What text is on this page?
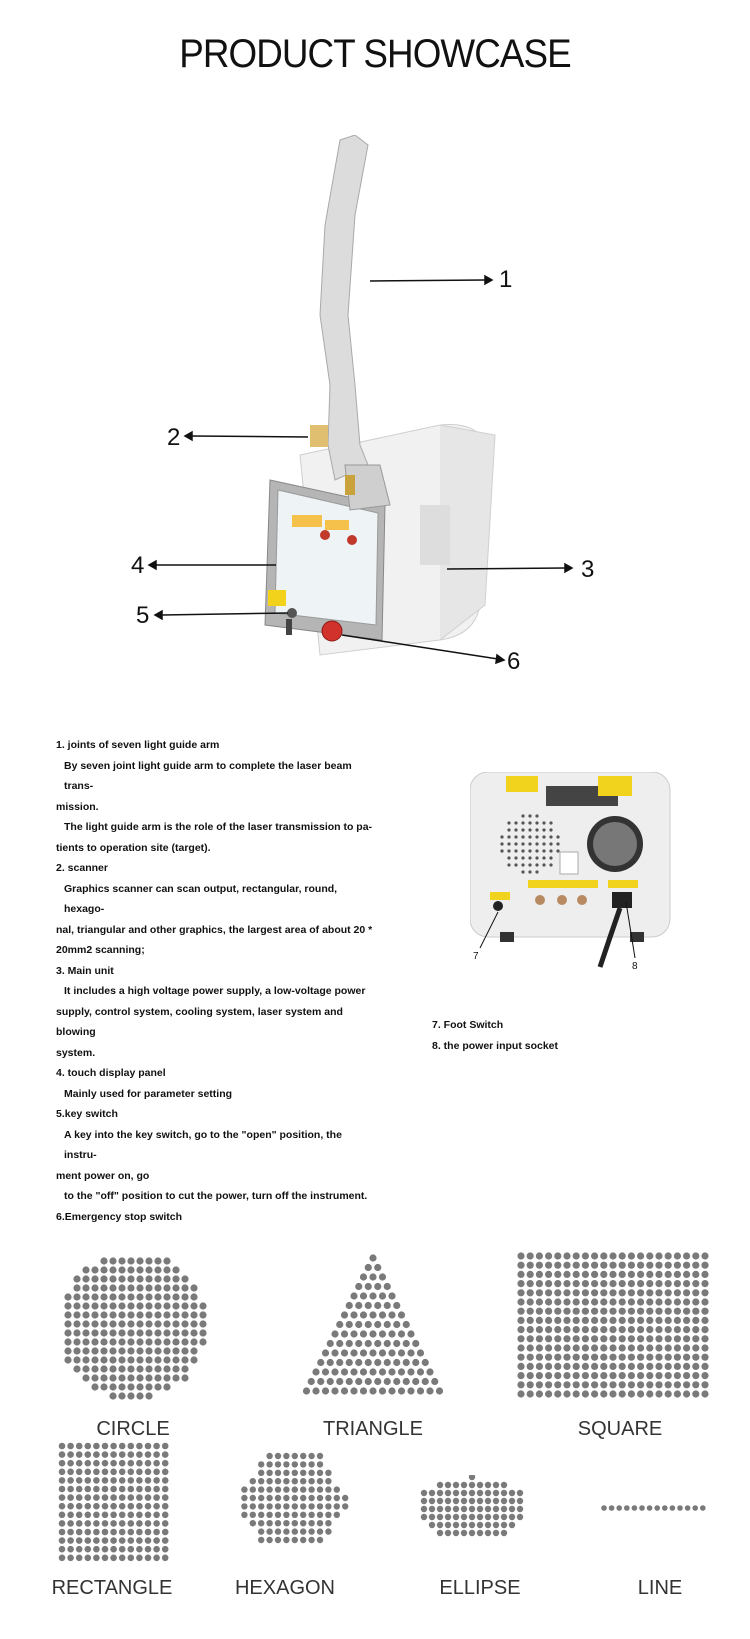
PRODUCT SHOWCASE
1
2
3
4
5
6

1. joints of seven light guide arm

By seven joint light guide arm to complete the laser beam trans-

mission.

The light guide arm is the role of the laser transmission to pa-

tients to operation site (target).

2. scanner

Graphics scanner can scan output, rectangular, round, hexago-

nal, triangular and other graphics, the largest area of about 20 *

20mm2 scanning;

3. Main unit

It includes a high voltage power supply, a low-voltage power

supply, control system, cooling system, laser system and blowing

system.

4. touch display panel

Mainly used for parameter setting

5.key switch

A key into the key switch, go to the "open" position, the instru-

ment power on, go

to the "off" position to cut the power, turn off the instrument.

6.Emergency stop switch

7
8

7. Foot Switch

8. the power input socket

CIRCLE	TRIANGLE	SQUARE
RECTANGLE	HEXAGON	ELLIPSE	LINE
